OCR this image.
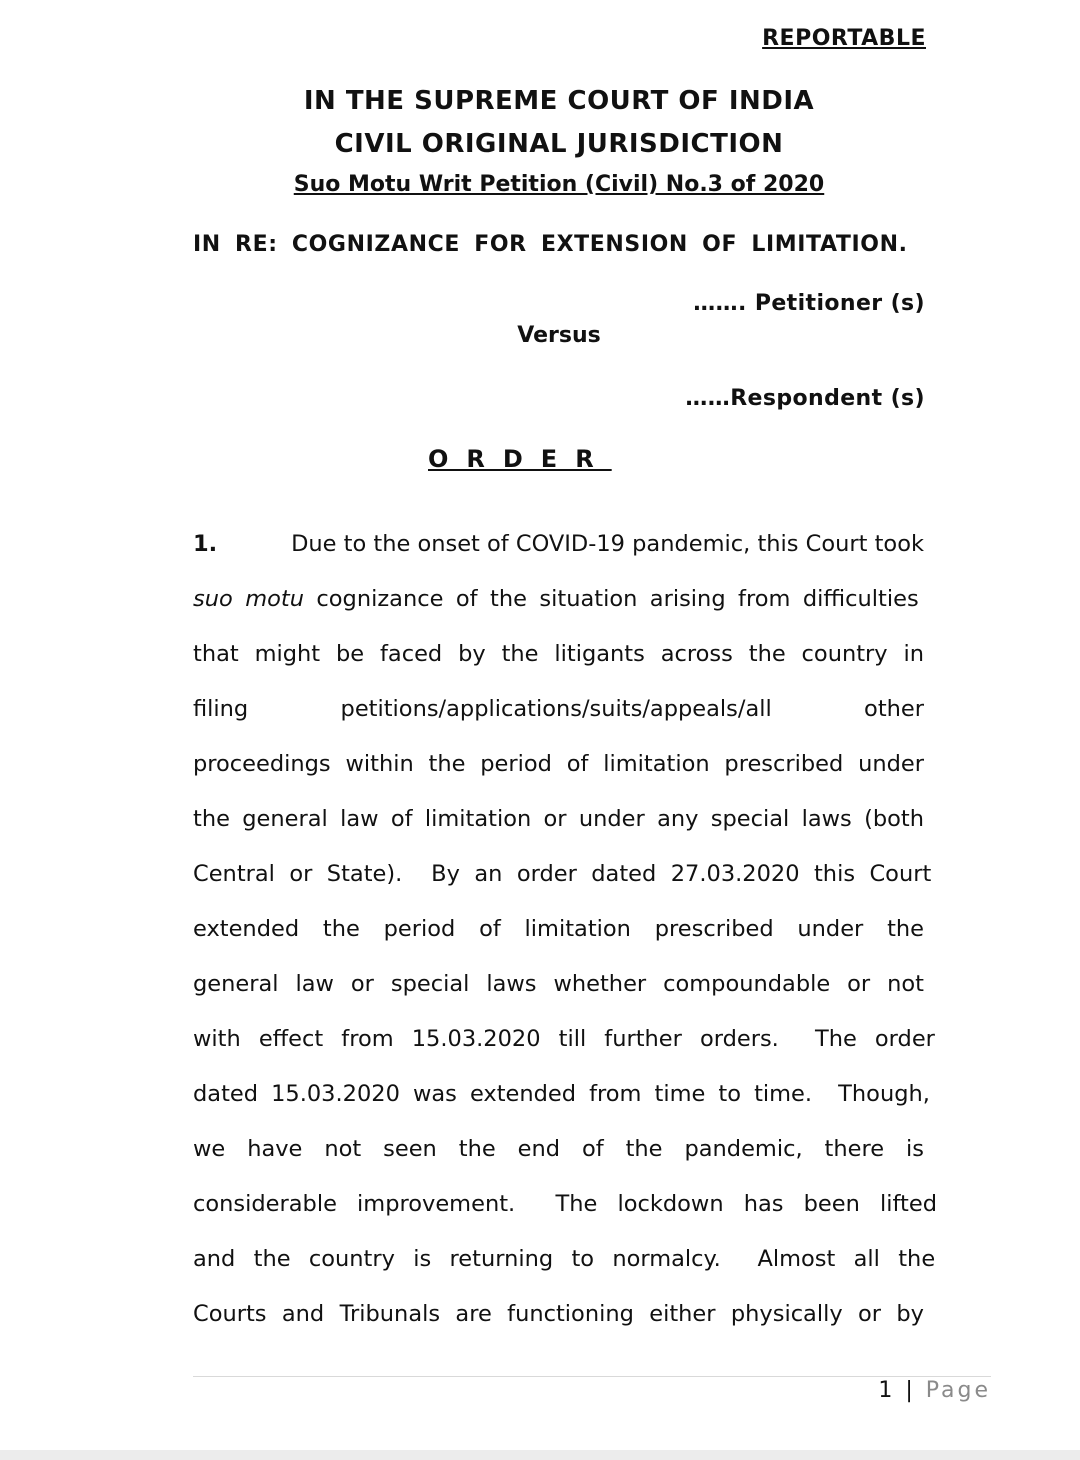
REPORTABLE
IN THE SUPREME COURT OF INDIA
CIVIL ORIGINAL JURISDICTION
Suo Motu Writ Petition (Civil) No.3 of 2020
IN RE: COGNIZANCE FOR EXTENSION OF LIMITATION.
……. Petitioner (s)
Versus
……Respondent (s)
ORDER
1.	Due to the onset of COVID-19 pandemic, this Court took
suo motu cognizance of the situation arising from difficulties
that might be faced by the litigants across the country in
filing	petitions/applications/suits/appeals/all	other
proceedings within the period of limitation prescribed under
the general law of limitation or under any special laws (both
Central or State).  By an order dated 27.03.2020 this Court
extended the period of limitation prescribed under the
general law or special laws whether compoundable or not
with effect from 15.03.2020 till further orders.  The order
dated 15.03.2020 was extended from time to time.  Though,
we have not seen the end of the pandemic, there is
considerable improvement.  The lockdown has been lifted
and the country is returning to normalcy.  Almost all the
Courts and Tribunals are functioning either physically or by
1 | Page
